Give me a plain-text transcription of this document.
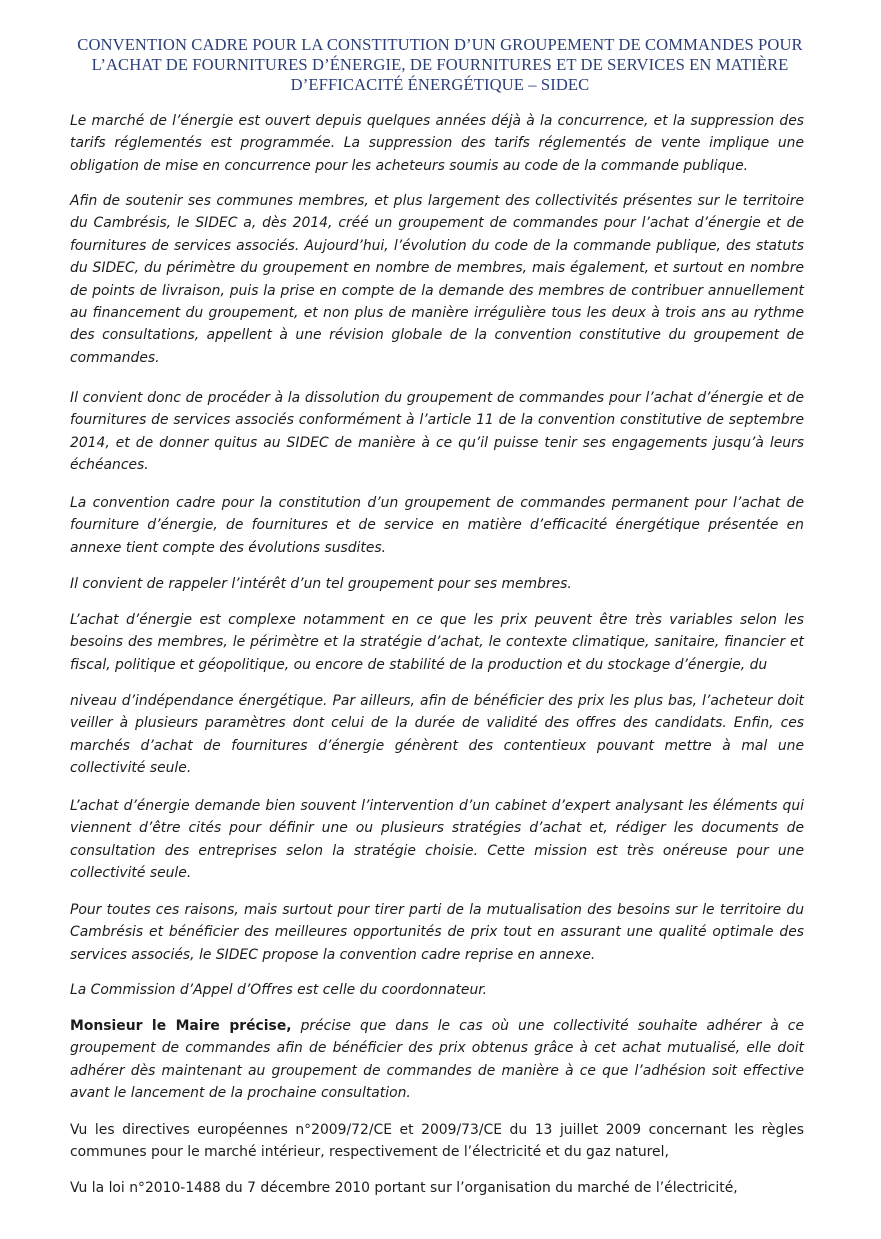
CONVENTION CADRE POUR LA CONSTITUTION D’UN GROUPEMENT DE COMMANDES POUR
L’ACHAT DE FOURNITURES D’ÉNERGIE, DE FOURNITURES ET DE SERVICES EN MATIÈRE
D’EFFICACITÉ ÉNERGÉTIQUE – SIDEC
Le marché de l’énergie est ouvert depuis quelques années déjà à la concurrence, et la suppression des tarifs réglementés est programmée. La suppression des tarifs réglementés de vente implique une obligation de mise en concurrence pour les acheteurs soumis au code de la commande publique.
Afin de soutenir ses communes membres, et plus largement des collectivités présentes sur le territoire du Cambrésis, le SIDEC a, dès 2014, créé un groupement de commandes pour l’achat d’énergie et de fournitures de services associés. Aujourd’hui, l’évolution du code de la commande publique, des statuts du SIDEC, du périmètre du groupement en nombre de membres, mais également, et surtout en nombre de points de livraison, puis la prise en compte de la demande des membres de contribuer annuellement au financement du groupement, et non plus de manière irrégulière tous les deux à trois ans au rythme des consultations, appellent à une révision globale de la convention constitutive du groupement de commandes.
Il convient donc de procéder à la dissolution du groupement de commandes pour l’achat d’énergie et de fournitures de services associés conformément à l’article 11 de la convention constitutive de septembre 2014, et de donner quitus au SIDEC de manière à ce qu’il puisse tenir ses engagements jusqu’à leurs échéances.
La convention cadre pour la constitution d’un groupement de commandes permanent pour l’achat de fourniture d’énergie, de fournitures et de service en matière d’efficacité énergétique présentée en annexe tient compte des évolutions susdites.
Il convient de rappeler l’intérêt d’un tel groupement pour ses membres.
L’achat d’énergie est complexe notamment en ce que les prix peuvent être très variables selon les besoins des membres, le périmètre et la stratégie d’achat, le contexte climatique, sanitaire, financier et fiscal, politique et géopolitique, ou encore de stabilité de la production et du stockage d’énergie, du
niveau d’indépendance énergétique. Par ailleurs, afin de bénéficier des prix les plus bas, l’acheteur doit veiller à plusieurs paramètres dont celui de la durée de validité des offres des candidats. Enfin, ces marchés d’achat de fournitures d’énergie génèrent des contentieux pouvant mettre à mal une collectivité seule.
L’achat d’énergie demande bien souvent l’intervention d’un cabinet d’expert analysant les éléments qui viennent d’être cités pour définir une ou plusieurs stratégies d’achat et, rédiger les documents de consultation des entreprises selon la stratégie choisie. Cette mission est très onéreuse pour une collectivité seule.
Pour toutes ces raisons, mais surtout pour tirer parti de la mutualisation des besoins sur le territoire du Cambrésis et bénéficier des meilleures opportunités de prix tout en assurant une qualité optimale des services associés, le SIDEC propose la convention cadre reprise en annexe.
La Commission d’Appel d’Offres est celle du coordonnateur.
Monsieur le Maire précise, précise que dans le cas où une collectivité souhaite adhérer à ce groupement de commandes afin de bénéficier des prix obtenus grâce à cet achat mutualisé, elle doit adhérer dès maintenant au groupement de commandes de manière à ce que l’adhésion soit effective avant le lancement de la prochaine consultation.
Vu les directives européennes n°2009/72/CE et 2009/73/CE du 13 juillet 2009 concernant les règles communes pour le marché intérieur, respectivement de l’électricité et du gaz naturel,
Vu la loi n°2010-1488 du 7 décembre 2010 portant sur l’organisation du marché de l’électricité,
